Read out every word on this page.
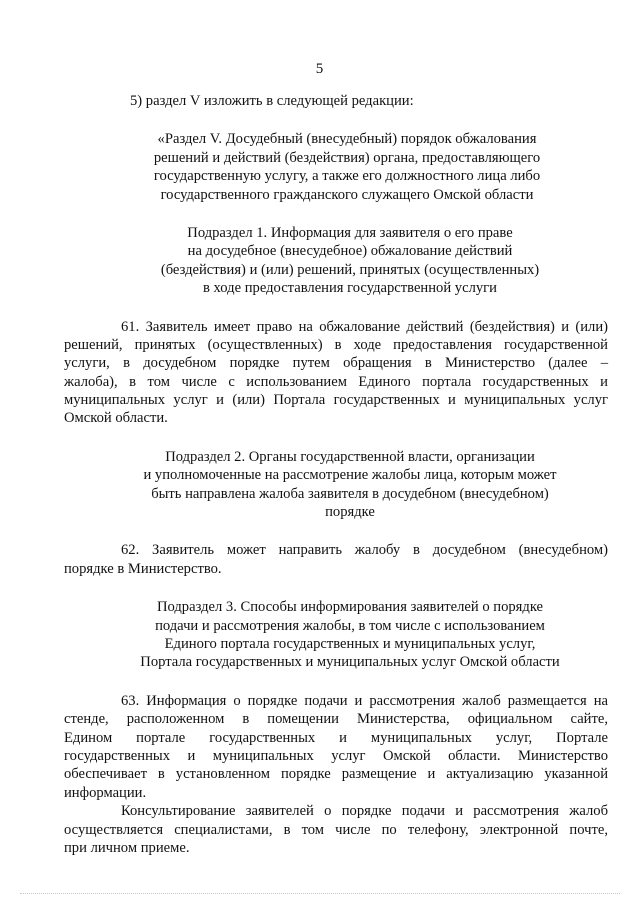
5
5) раздел V изложить в следующей редакции:
«Раздел V. Досудебный (внесудебный) порядок обжалования
решений и действий (бездействия) органа, предоставляющего
государственную услугу, а также его должностного лица либо
государственного гражданского служащего Омской области
Подраздел 1. Информация для заявителя о его праве
на досудебное (внесудебное) обжалование действий
(бездействия) и (или) решений, принятых (осуществленных)
в ходе предоставления государственной услуги
61. Заявитель имеет право на обжалование действий (бездействия) и (или)
решений, принятых (осуществленных) в ходе предоставления государственной
услуги, в досудебном порядке путем обращения в Министерство (далее –
жалоба), в том числе с использованием Единого портала государственных и
муниципальных услуг и (или) Портала государственных и муниципальных услуг
Омской области.
Подраздел 2. Органы государственной власти, организации
и уполномоченные на рассмотрение жалобы лица, которым может
быть направлена жалоба заявителя в досудебном (внесудебном)
порядке
62. Заявитель может направить жалобу в досудебном (внесудебном)
порядке в Министерство.
Подраздел 3. Способы информирования заявителей о порядке
подачи и рассмотрения жалобы, в том числе с использованием
Единого портала государственных и муниципальных услуг,
Портала государственных и муниципальных услуг Омской области
63. Информация о порядке подачи и рассмотрения жалоб размещается на
стенде, расположенном в помещении Министерства, официальном сайте,
Едином портале государственных и муниципальных услуг, Портале
государственных и муниципальных услуг Омской области. Министерство
обеспечивает в установленном порядке размещение и актуализацию указанной
информации.
Консультирование заявителей о порядке подачи и рассмотрения жалоб
осуществляется специалистами, в том числе по телефону, электронной почте,
при личном приеме.
